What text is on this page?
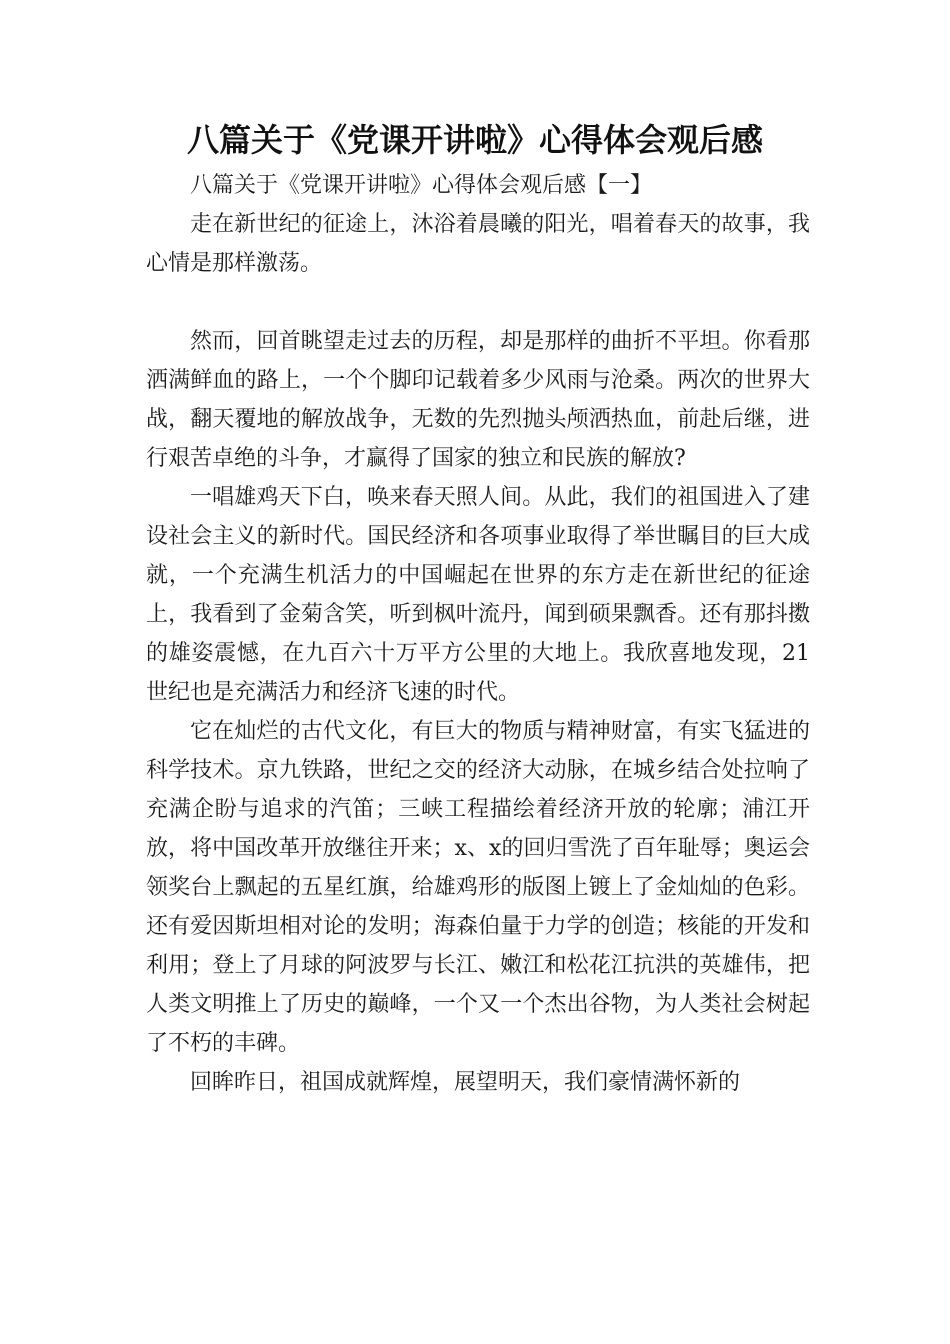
八篇关于《党课开讲啦》心得体会观后感

八篇关于《党课开讲啦》心得体会观后感【一】

走在新世纪的征途上，沐浴着晨曦的阳光，唱着春天的故事，我心情是那样激荡。

然而，回首眺望走过去的历程，却是那样的曲折不平坦。你看那洒满鲜血的路上，一个个脚印记载着多少风雨与沧桑。两次的世界大战，翻天覆地的解放战争，无数的先烈抛头颅洒热血，前赴后继，进行艰苦卓绝的斗争，才赢得了国家的独立和民族的解放?

一唱雄鸡天下白，唤来春天照人间。从此，我们的祖国进入了建设社会主义的新时代。国民经济和各项事业取得了举世瞩目的巨大成就，一个充满生机活力的中国崛起在世界的东方走在新世纪的征途上，我看到了金菊含笑，听到枫叶流丹，闻到硕果飘香。还有那抖擞的雄姿震憾，在九百六十万平方公里的大地上。我欣喜地发现，21世纪也是充满活力和经济飞速的时代。

它在灿烂的古代文化，有巨大的物质与精神财富，有实飞猛进的科学技术。京九铁路，世纪之交的经济大动脉，在城乡结合处拉响了充满企盼与追求的汽笛；三峡工程描绘着经济开放的轮廓；浦江开放，将中国改革开放继往开来；x、x的回归雪洗了百年耻辱；奥运会领奖台上飘起的五星红旗，给雄鸡形的版图上镀上了金灿灿的色彩。还有爱因斯坦相对论的发明；海森伯量于力学的创造；核能的开发和利用；登上了月球的阿波罗与长江、嫩江和松花江抗洪的英雄伟，把人类文明推上了历史的巅峰，一个又一个杰出谷物，为人类社会树起了不朽的丰碑。

回眸昨日，祖国成就辉煌，展望明天，我们豪情满怀新的
